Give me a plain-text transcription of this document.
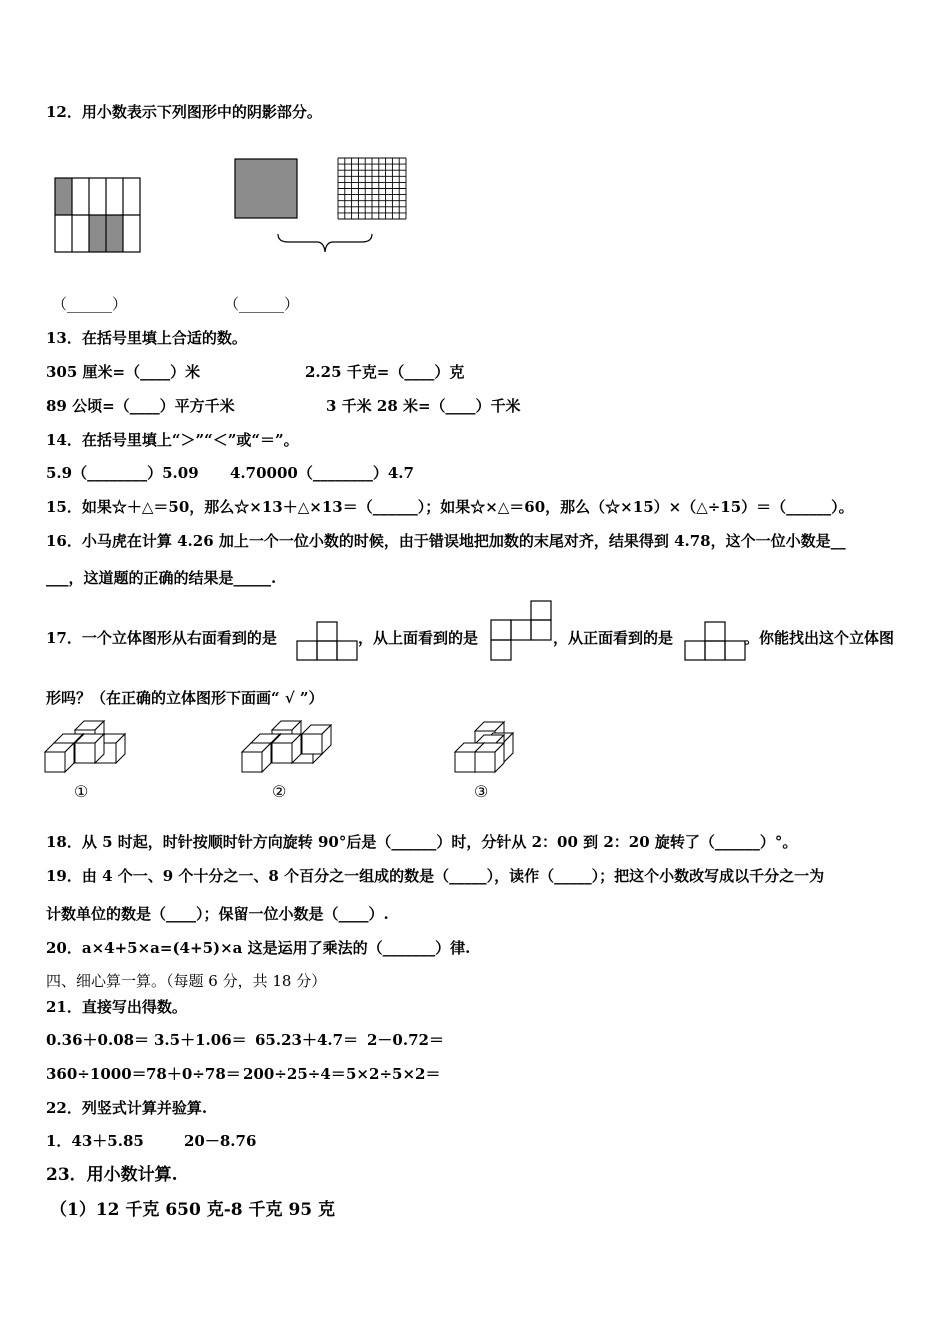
12．用小数表示下列图形中的阴影部分。
（______）	（______）
13．在括号里填上合适的数。
305 厘米=（____）米	2.25 千克=（____）克
89 公顷=（____）平方千米	3 千米 28 米=（____）千米
14．在括号里填上“＞”“＜”或“＝”。
5.9（________）5.09 4.70000（________）4.7
15．如果☆＋△＝50，那么☆×13＋△×13＝（______）；如果☆×△＝60，那么（☆×15）×（△÷15）＝（______）。
16．小马虎在计算 4.26 加上一个一位小数的时候，由于错误地把加数的末尾对齐，结果得到 4.78，这个一位小数是__
___，这道题的正确的结果是_____.
17．一个立体图形从右面看到的是	，从上面看到的是	，从正面看到的是	。你能找出这个立体图
形吗？（在正确的立体图形下面画“ √ ”）
①	②	③
18．从 5 时起，时针按顺时针方向旋转 90°后是（______）时，分针从 2：00 到 2：20 旋转了（______）°。
19．由 4 个一、9 个十分之一、8 个百分之一组成的数是（_____），读作（_____）；把这个小数改写成以千分之一为
计数单位的数是（____）；保留一位小数是（____）.
20．a×4+5×a=(4+5)×a 这是运用了乘法的（_______）律.
四、细心算一算。（每题 6 分，共 18 分）
21．直接写出得数。
0.36＋0.08＝ 3.5＋1.06＝ 65.23＋4.7＝ 2－0.72＝
360÷1000＝ 78＋0÷78＝ 200÷25÷4＝ 5×2÷5×2＝
22．列竖式计算并验算.
1．43＋5.85	20－8.76
23．用小数计算.
（1）12 千克 650 克-8 千克 95 克
